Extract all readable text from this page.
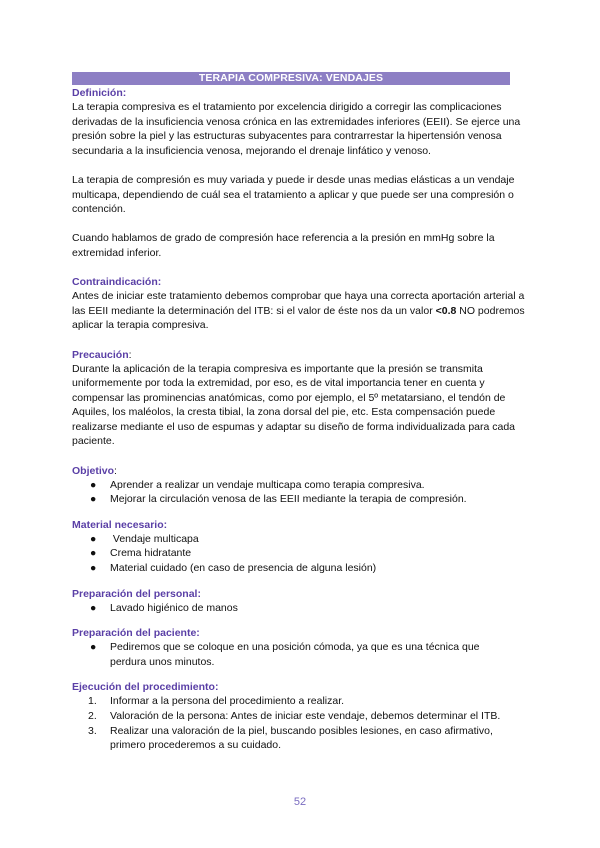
TERAPIA COMPRESIVA: VENDAJES

Definición:

La terapia compresiva es el tratamiento por excelencia dirigido a corregir las complicaciones derivadas de la insuficiencia venosa crónica en las extremidades inferiores (EEII). Se ejerce una presión sobre la piel y las estructuras subyacentes para contrarrestar la hipertensión venosa secundaria a la insuficiencia venosa, mejorando el drenaje linfático y venoso.

La terapia de compresión es muy variada y puede ir desde unas medias elásticas a un vendaje multicapa, dependiendo de cuál sea el tratamiento a aplicar y que puede ser una compresión o contención.

Cuando hablamos de grado de compresión hace referencia a la presión en mmHg sobre la extremidad inferior.

Contraindicación:

Antes de iniciar este tratamiento debemos comprobar que haya una correcta aportación arterial a las EEII mediante la determinación del ITB: si el valor de éste nos da un valor <0.8 NO podremos aplicar la terapia compresiva.

Precaución:

Durante la aplicación de la terapia compresiva es importante que la presión se transmita uniformemente por toda la extremidad, por eso, es de vital importancia tener en cuenta y compensar las prominencias anatómicas, como por ejemplo, el 5º metatarsiano, el tendón de Aquiles, los maléolos, la cresta tibial, la zona dorsal del pie, etc. Esta compensación puede realizarse mediante el uso de espumas y adaptar su diseño de forma individualizada para cada paciente.

Objetivo:

● Aprender a realizar un vendaje multicapa como terapia compresiva.
● Mejorar la circulación venosa de las EEII mediante la terapia de compresión.

Material necesario:

● Vendaje multicapa
● Crema hidratante
● Material cuidado (en caso de presencia de alguna lesión)

Preparación del personal:

● Lavado higiénico de manos

Preparación del paciente:

● Pediremos que se coloque en una posición cómoda, ya que es una técnica que perdura unos minutos.

Ejecución del procedimiento:

1. Informar a la persona del procedimiento a realizar.
2. Valoración de la persona: Antes de iniciar este vendaje, debemos determinar el ITB.
3. Realizar una valoración de la piel, buscando posibles lesiones, en caso afirmativo, primero procederemos a su cuidado.
52
